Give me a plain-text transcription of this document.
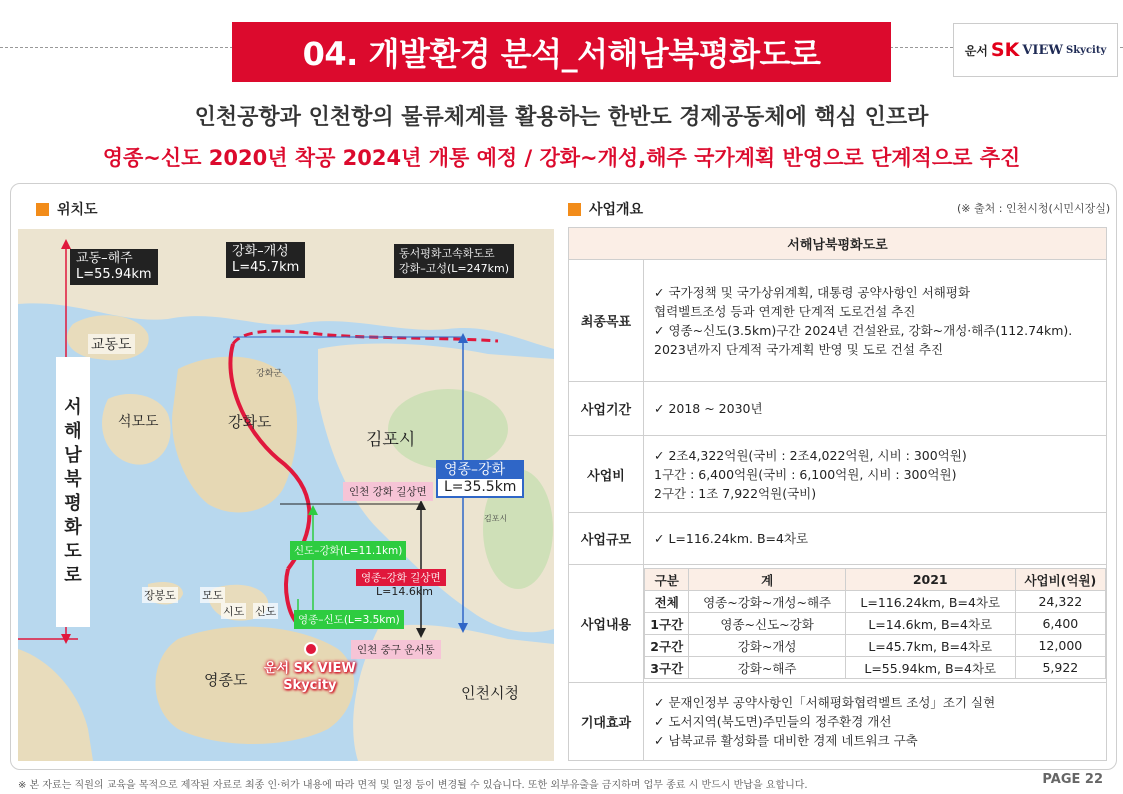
04. 개발환경 분석_서해남북평화도로	운서 SK VIEW Skycity
인천공항과 인천항의 물류체계를 활용하는 한반도 경제공동체에 핵심 인프라
영종~신도 2020년 착공 2024년 개통 예정 / 강화~개성,해주 국가계획 반영으로 단계적으로 추진
위치도	사업개요	(※ 출처 : 인천시청(시민시장실)
교동–해주
L=55.94km
강화–개성
L=45.7km
동서평화고속화도로
강화–고성(L=247km)
서
해
남
북
평
화
도
로
교동도
석모도	강화도
강화군
김포시
김포시
영종–강화
L=35.5km
인천 강화 길상면
신도–강화(L=11.1km)
영종–강화 길상면
L=14.6km
장봉도 모도
시도 신도
영종–신도(L=3.5km)
인천 중구 운서동
운서 SK VIEW
Skycity
영종도
인천시청
서해남북평화도로
최종목표	
✓ 국가정책 및 국가상위계획, 대통령 공약사항인 서해평화
협력벨트조성 등과 연계한 단계적 도로건설 추진
✓ 영종~신도(3.5km)구간 2024년 건설완료, 강화~개성·해주(112.74km).
2023년까지 단계적 국가계획 반영 및 도로 건설 추진

사업기간	✓ 2018 ~ 2030년
사업비	
✓ 2조4,322억원(국비 : 2조4,022억원, 시비 : 300억원)
1구간 : 6,400억원(국비 : 6,100억원, 시비 : 300억원)
2구간 : 1조 7,922억원(국비)

사업규모	✓ L=116.24km. B=4차로
사업내용	
구분	계	2021	사업비(억원)
전체	영종~강화~개성~해주	L=116.24km, B=4차로	24,322
1구간	영종~신도~강화	L=14.6km, B=4차로	6,400
2구간	강화~개성	L=45.7km, B=4차로	12,000
3구간	강화~해주	L=55.94km, B=4차로	5,922

기대효과	
✓ 문재인정부 공약사항인「서해평화협력벨트 조성」조기 실현
✓ 도서지역(북도면)주민들의 정주환경 개선
✓ 남북교류 활성화를 대비한 경제 네트워크 구축
※ 본 자료는 직원의 교육을 목적으로 제작된 자료로 최종 인·허가 내용에 따라 면적 및 일정 등이 변경될 수 있습니다. 또한 외부유출을 금지하며 업무 종료 시 반드시 반납을 요합니다.	PAGE 22
